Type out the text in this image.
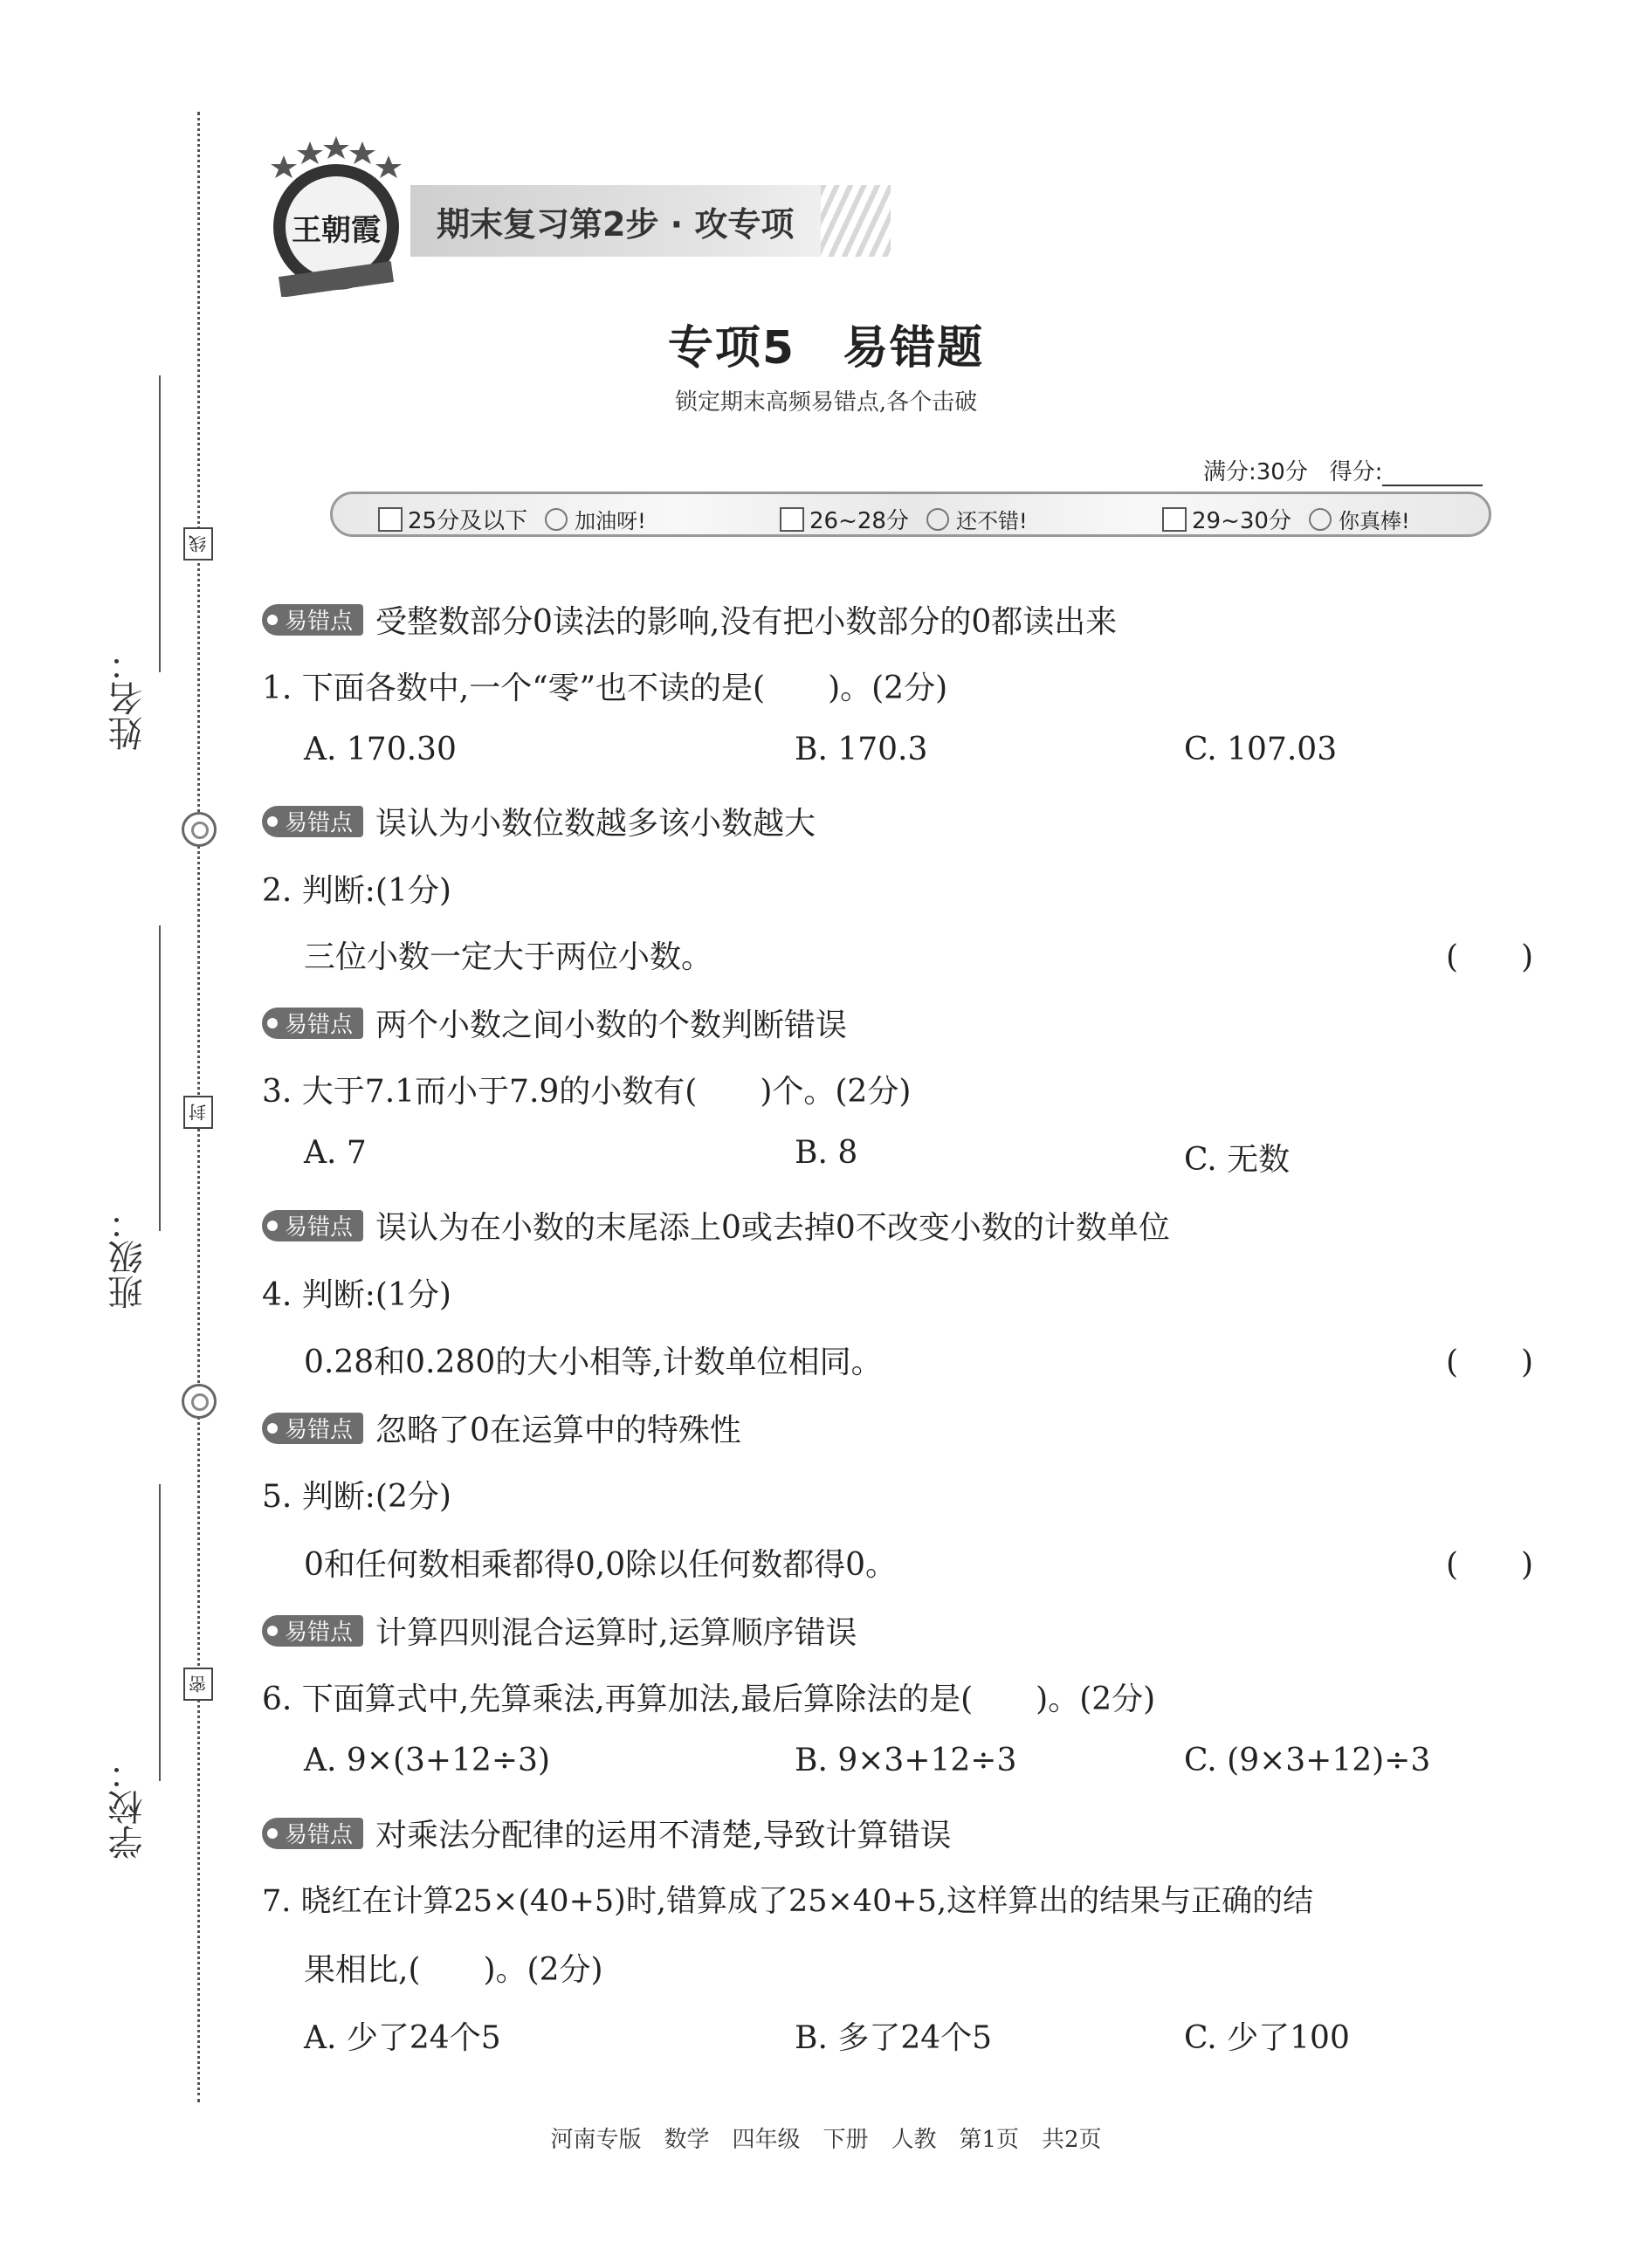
姓名：
班级：
学校：
线
封
密
王朝霞 期末复习第2步 · 攻专项
专项5　易错题
锁定期末高频易错点,各个击破
满分:30分 得分:
25分及以下 加油呀!	26~28分 还不错!	29~30分 你真棒!
易错点 受整数部分0读法的影响,没有把小数部分的0都读出来
1. 下面各数中,一个“零”也不读的是(　　)。(2分)
A. 170.30	B. 170.3	C. 107.03
易错点 误认为小数位数越多该小数越大
2. 判断:(1分)
三位小数一定大于两位小数。	(　　)
易错点 两个小数之间小数的个数判断错误
3. 大于7.1而小于7.9的小数有(　　)个。(2分)
A. 7	B. 8	C. 无数
易错点 误认为在小数的末尾添上0或去掉0不改变小数的计数单位
4. 判断:(1分)
0.28和0.280的大小相等,计数单位相同。	(　　)
易错点 忽略了0在运算中的特殊性
5. 判断:(2分)
0和任何数相乘都得0,0除以任何数都得0。	(　　)
易错点 计算四则混合运算时,运算顺序错误
6. 下面算式中,先算乘法,再算加法,最后算除法的是(　　)。(2分)
A. 9×(3+12÷3)	B. 9×3+12÷3	C. (9×3+12)÷3
易错点 对乘法分配律的运用不清楚,导致计算错误
7. 晓红在计算25×(40+5)时,错算成了25×40+5,这样算出的结果与正确的结
果相比,(　　)。(2分)
A. 少了24个5	B. 多了24个5	C. 少了100
河南专版　数学　四年级　下册　人教　第1页　共2页
